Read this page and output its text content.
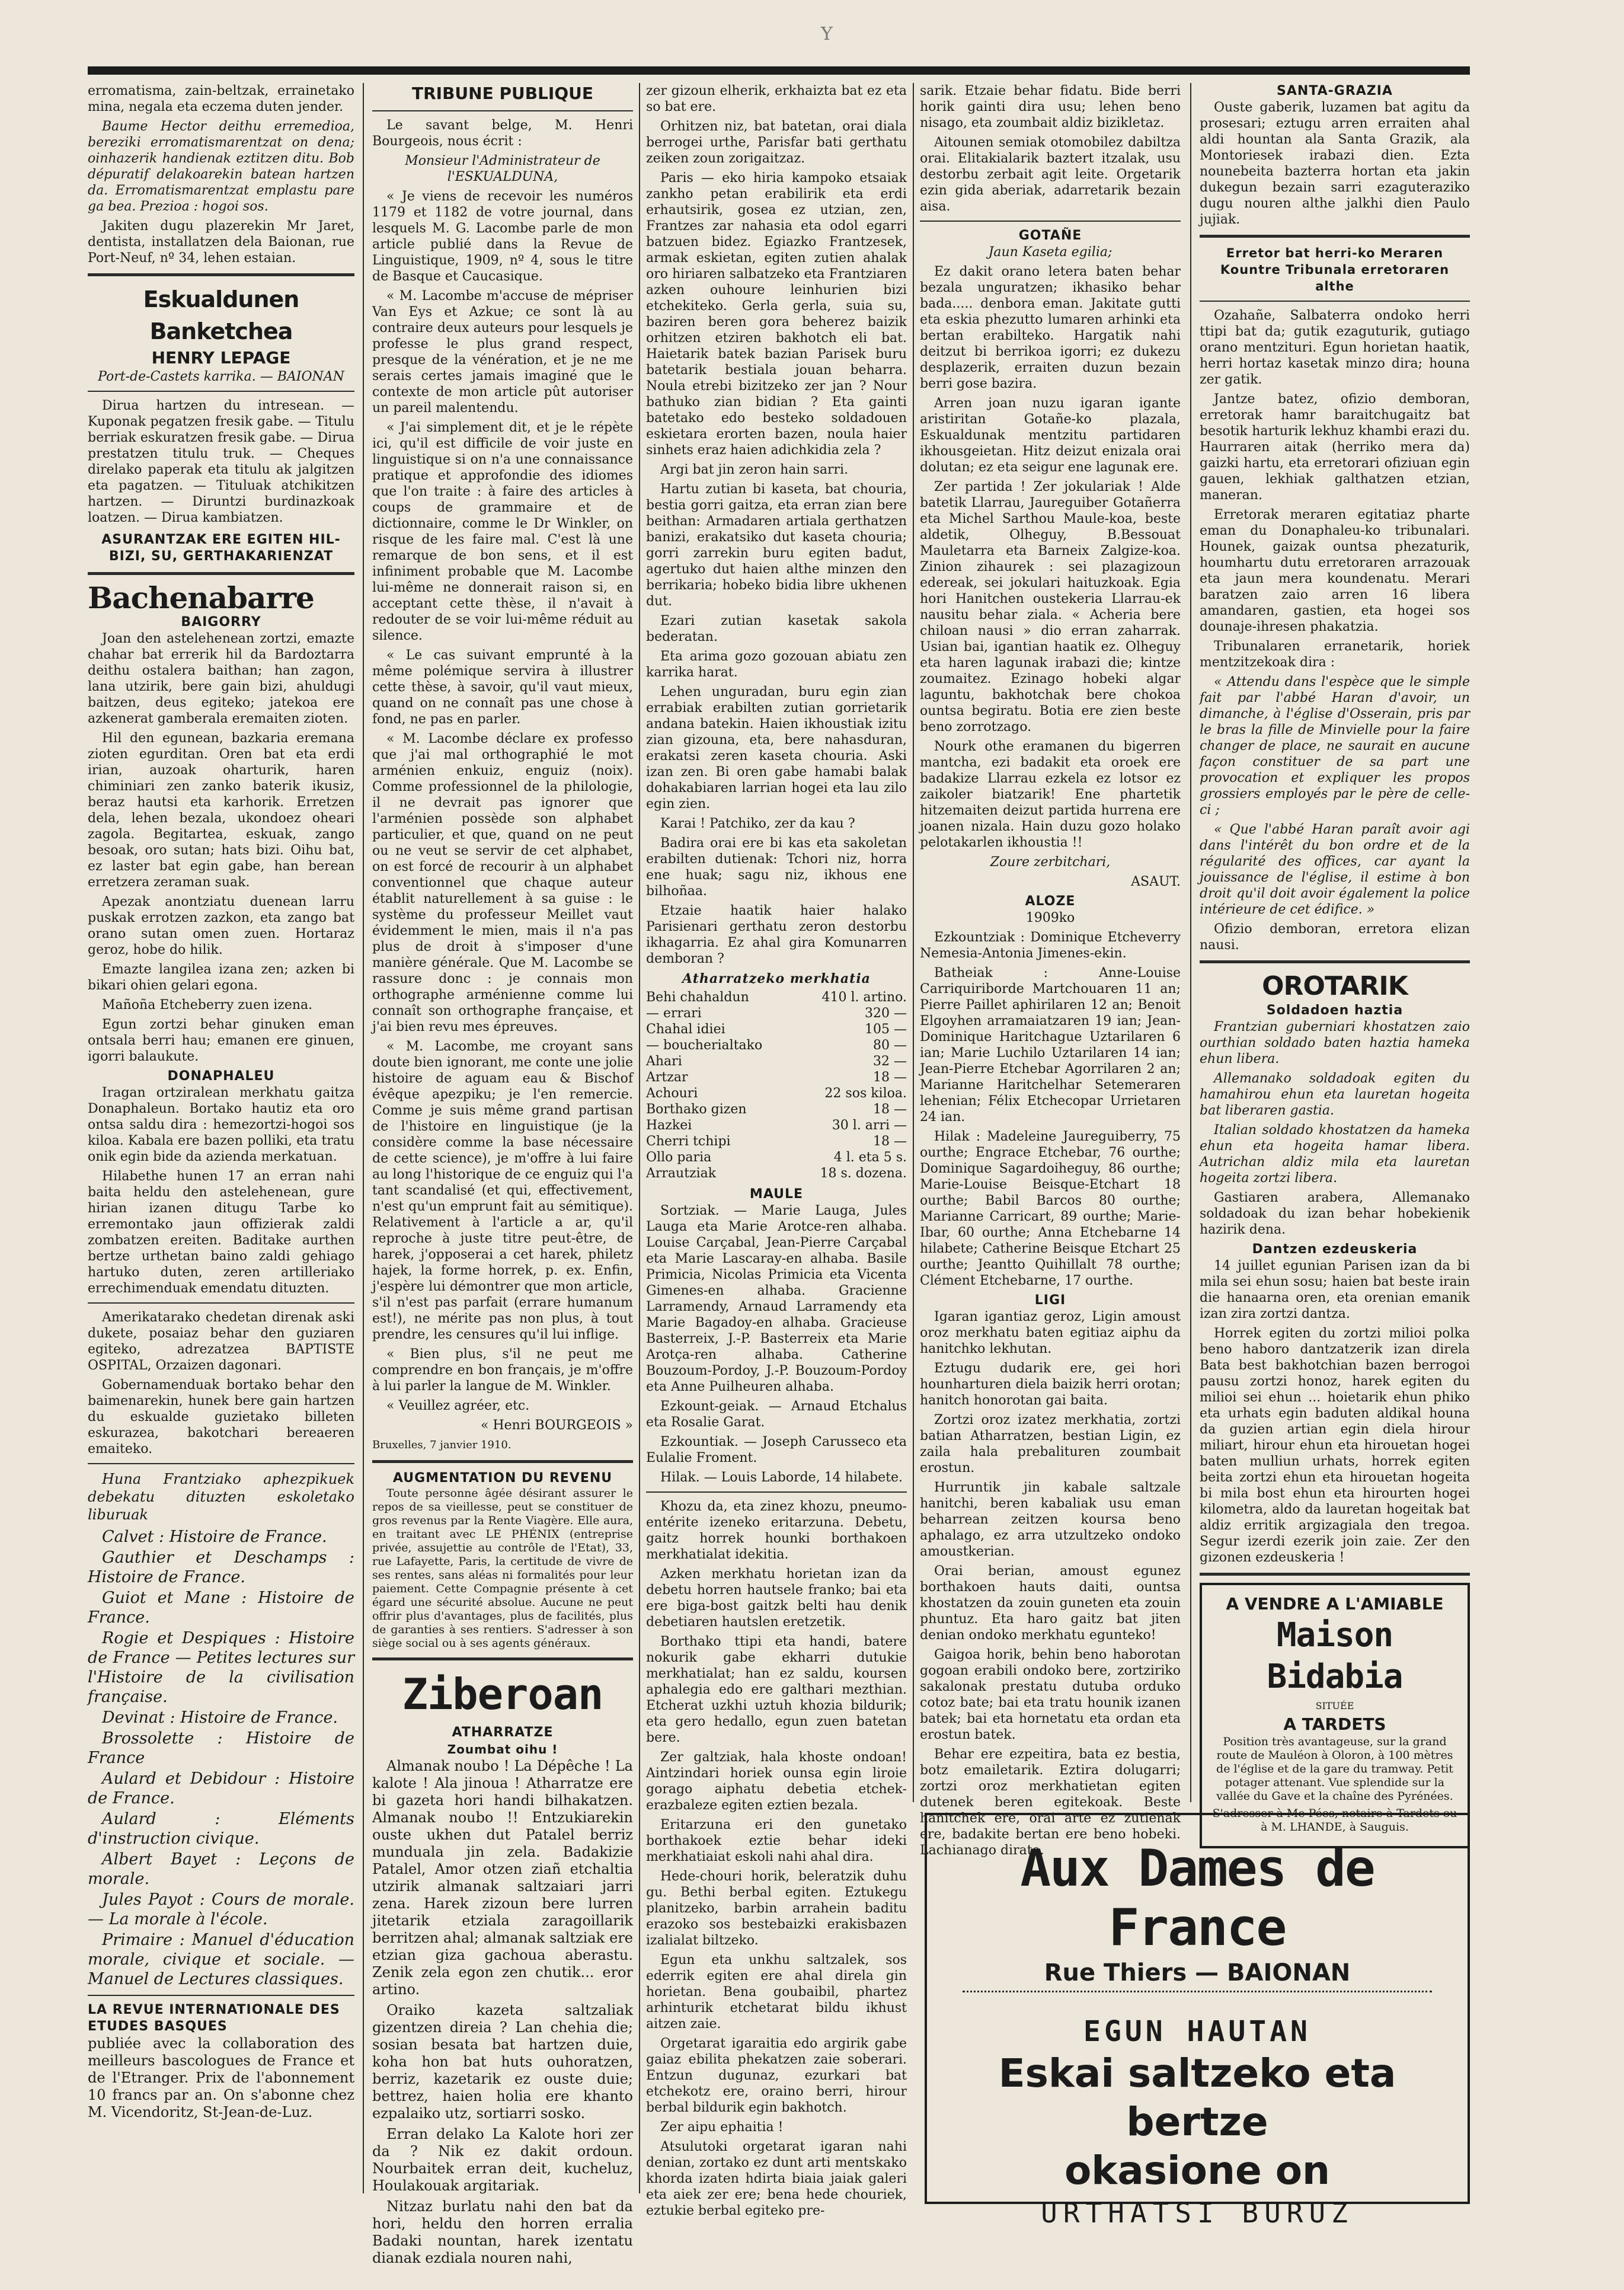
Y

erromatisma, zain-beltzak, errainetako mina, negala eta eczema duten jender.

Baume Hector deithu erremedioa, bereziki erromatismarentzat on dena; oinhazerik handienak eztitzen ditu. Bob dépuratif delakoarekin batean hartzen da. Erromatismarentzat emplastu pare ga bea. Prezioa : hogoi sos.

Jakiten dugu plazerekin Mr Jaret, dentista, installatzen dela Baionan, rue Port-Neuf, nº 34, lehen estaian.

Eskualdunen Banketchea
HENRY LEPAGE

Port-de-Castets karrika. — BAIONAN

Dirua hartzen du intresean. — Kuponak pegatzen fresik gabe. — Titulu berriak eskuratzen fresik gabe. — Dirua prestatzen titulu truk. — Cheques direlako paperak eta titulu ak jalgitzen eta pagatzen. — Tituluak atchikitzen hartzen. — Diruntzi burdinazkoak loatzen. — Dirua kambiatzen.

ASURANTZAK ERE EGITEN HIL-BIZI, SU, GERTHAKARIENZAT
Bachenabarre
BAIGORRY

Joan den astelehenean zortzi, emazte chahar bat errerik hil da Bardoztarra deithu ostalera baithan; han zagon, lana utzirik, bere gain bizi, ahuldugi baitzen, deus egiteko; jatekoa ere azkenerat gamberala eremaiten zioten.

Hil den egunean, bazkaria eremana zioten egurditan. Oren bat eta erdi irian, auzoak oharturik, haren chiminiari zen zanko baterik ikusiz, beraz hautsi eta karhorik. Erretzen dela, lehen bezala, ukondoez oheari zagola. Begitartea, eskuak, zango besoak, oro sutan; hats bizi. Oihu bat, ez laster bat egin gabe, han berean erretzera zeraman suak.

Apezak anontziatu duenean larru puskak errotzen zazkon, eta zango bat orano sutan omen zuen. Hortaraz geroz, hobe do hilik.

Emazte langilea izana zen; azken bi bikari ohien gelari egona.

Mañoña Etcheberry zuen izena.

Egun zortzi behar ginuken eman ontsala berri hau; emanen ere ginuen, igorri balaukute.

DONAPHALEU

Iragan ortziralean merkhatu gaitza Donaphaleun. Bortako hautiz eta oro ontsa saldu dira : hemezortzi-hogoi sos kiloa. Kabala ere bazen polliki, eta tratu onik egin bide da azienda merkatuan.

Hilabethe hunen 17 an erran nahi baita heldu den astelehenean, gure hirian izanen ditugu Tarbe ko erremontako jaun offizierak zaldi zombatzen ereiten. Baditake aurthen bertze urthetan baino zaldi gehiago hartuko duten, zeren artilleriako errechimenduak emendatu dituzten.

Amerikatarako chedetan direnak aski dukete, posaiaz behar den guziaren egiteko, adrezatzea BAPTISTE OSPITAL, Orzaizen dagonari.

Gobernamenduak bortako behar den baimenarekin, hunek bere gain hartzen du eskualde guzietako billeten eskurazea, bakotchari bereaeren emaiteko.

Huna Frantziako aphezpikuek debekatu dituzten eskoletako liburuak

Calvet : Histoire de France.
Gauthier et Deschamps : Histoire de France.
Guiot et Mane : Histoire de France.
Rogie et Despiques : Histoire de France — Petites lectures sur l'Histoire de la civilisation française.
Devinat : Histoire de France.
Brossolette : Histoire de France
Aulard et Debidour : Histoire de France.
Aulard : Eléments d'instruction civique.
Albert Bayet : Leçons de morale.
Jules Payot : Cours de morale. — La morale à l'école.
Primaire : Manuel d'éducation morale, civique et sociale. — Manuel de Lectures classiques.
LA REVUE INTERNATIONALE DES ETUDES BASQUES

publiée avec la collaboration des meilleurs bascologues de France et de l'Etranger. Prix de l'abonnement 10 francs par an. On s'abonne chez M. Vicendoritz, St-Jean-de-Luz.

TRIBUNE PUBLIQUE

Le savant belge, M. Henri Bourgeois, nous écrit :

Monsieur l'Administrateur de l'ESKUALDUNA,

« Je viens de recevoir les numéros 1179 et 1182 de votre journal, dans lesquels M. G. Lacombe parle de mon article publié dans la Revue de Linguistique, 1909, nº 4, sous le titre de Basque et Caucasique.

« M. Lacombe m'accuse de mépriser Van Eys et Azkue; ce sont là au contraire deux auteurs pour lesquels je professe le plus grand respect, presque de la vénération, et je ne me serais certes jamais imaginé que le contexte de mon article pût autoriser un pareil malentendu.

« J'ai simplement dit, et je le répète ici, qu'il est difficile de voir juste en linguistique si on n'a une connaissance pratique et approfondie des idiomes que l'on traite : à faire des articles à coups de grammaire et de dictionnaire, comme le Dr Winkler, on risque de les faire mal. C'est là une remarque de bon sens, et il est infiniment probable que M. Lacombe lui-même ne donnerait raison si, en acceptant cette thèse, il n'avait à redouter de se voir lui-même réduit au silence.

« Le cas suivant emprunté à la même polémique servira à illustrer cette thèse, à savoir, qu'il vaut mieux, quand on ne connaît pas une chose à fond, ne pas en parler.

« M. Lacombe déclare ex professo que j'ai mal orthographié le mot arménien enkuiz, enguiz (noix). Comme professionnel de la philologie, il ne devrait pas ignorer que l'arménien possède son alphabet particulier, et que, quand on ne peut ou ne veut se servir de cet alphabet, on est forcé de recourir à un alphabet conventionnel que chaque auteur établit naturellement à sa guise : le système du professeur Meillet vaut évidemment le mien, mais il n'a pas plus de droit à s'imposer d'une manière générale. Que M. Lacombe se rassure donc : je connais mon orthographe arménienne comme lui connaît son orthographe française, et j'ai bien revu mes épreuves.

« M. Lacombe, me croyant sans doute bien ignorant, me conte une jolie histoire de aguam eau & Bischof évêque apezpiku; je l'en remercie. Comme je suis même grand partisan de l'histoire en linguistique (je la considère comme la base nécessaire de cette science), je m'offre à lui faire au long l'historique de ce enguiz qui l'a tant scandalisé (et qui, effectivement, n'est qu'un emprunt fait au sémitique). Relativement à l'article a ar, qu'il reproche à juste titre peut-être, de harek, j'opposerai a cet harek, philetz hajek, la forme horrek, p. ex. Enfin, j'espère lui démontrer que mon article, s'il n'est pas parfait (errare humanum est!), ne mérite pas non plus, à tout prendre, les censures qu'il lui inflige.

« Bien plus, s'il ne peut me comprendre en bon français, je m'offre à lui parler la langue de M. Winkler.

« Veuillez agréer, etc.

« Henri BOURGEOIS »

Bruxelles, 7 janvier 1910.

AUGMENTATION DU REVENU

Toute personne âgée désirant assurer le repos de sa vieillesse, peut se constituer de gros revenus par la Rente Viagère. Elle aura, en traitant avec LE PHÉNIX (entreprise privée, assujettie au contrôle de l'Etat), 33, rue Lafayette, Paris, la certitude de vivre de ses rentes, sans aléas ni formalités pour leur paiement. Cette Compagnie présente à cet égard une sécurité absolue. Aucune ne peut offrir plus d'avantages, plus de facilités, plus de garanties à ses rentiers. S'adresser à son siège social ou à ses agents généraux.

Ziberoan
ATHARRATZE
Zoumbat oihu !

Almanak noubo ! La Dépêche ! La kalote ! Ala jinoua ! Atharratze ere bi gazeta hori handi bilhakatzen. Almanak noubo !! Entzukiarekin ouste ukhen dut Patalel berriz munduala jin zela. Badakizie Patalel, Amor otzen ziañ etchaltia utzirik almanak saltzaiari jarri zena. Harek zizoun bere lurren jitetarik etziala zaragoillarik berritzen ahal; almanak saltziak ere etzian giza gachoua aberastu. Zenik zela egon zen chutik... eror artino.

Oraiko kazeta saltzaliak gizentzen direia ? Lan chehia die; sosian besata bat hartzen duie, koha hon bat huts ouhoratzen, berriz, kazetarik ez ouste duie; bettrez, haien holia ere khanto ezpalaiko utz, sortiarri sosko.

Erran delako La Kalote hori zer da ? Nik ez dakit ordoun. Nourbaitek erran deit, kucheluz, Houlakouak argitariak.

Nitzaz burlatu nahi den bat da hori, heldu den horren erralia Badaki nountan, harek izentatu dianak ezdiala nouren nahi,

zer gizoun elherik, erkhaizta bat ez eta so bat ere.

Orhitzen niz, bat batetan, orai diala berrogei urthe, Parisfar bati gerthatu zeiken zoun zorigaitzaz.

Paris — eko hiria kampoko etsaiak zankho petan erabilirik eta erdi erhautsirik, gosea ez utzian, zen, Frantzes zar nahasia eta odol egarri batzuen bidez. Egiazko Frantzesek, armak eskietan, egiten zutien ahalak oro hiriaren salbatzeko eta Frantziaren azken ouhoure leinhurien bizi etchekiteko. Gerla gerla, suia su, baziren beren gora beherez baizik orhitzen etziren bakhotch eli bat. Haietarik batek bazian Parisek buru batetarik bestiala jouan beharra. Noula etrebi bizitzeko zer jan ? Nour bathuko zian bidian ? Eta gainti batetako edo besteko soldadouen eskietara erorten bazen, noula haier sinhets eraz haien adichkidia zela ?

Argi bat jin zeron hain sarri.

Hartu zutian bi kaseta, bat chouria, bestia gorri gaitza, eta erran zian bere beithan: Armadaren artiala gerthatzen banizi, erakatsiko dut kaseta chouria; gorri zarrekin buru egiten badut, agertuko dut haien althe minzen den berrikaria; hobeko bidia libre ukhenen dut.

Ezari zutian kasetak sakola bederatan.

Eta arima gozo gozouan abiatu zen karrika harat.

Lehen unguradan, buru egin zian errabiak erabilten zutian gorrietarik andana batekin. Haien ikhoustiak izitu zian gizouna, eta, bere nahasduran, erakatsi zeren kaseta chouria. Aski izan zen. Bi oren gabe hamabi balak dohakabiaren larrian hogei eta lau zilo egin zien.

Karai ! Patchiko, zer da kau ?

Badira orai ere bi kas eta sakoletan erabilten dutienak: Tchori niz, horra ene huak; sagu niz, ikhous ene bilhoñaa.

Etzaie haatik haier halako Parisienari gerthatu zeron destorbu ikhagarria. Ez ahal gira Komunarren demboran ?

Atharratzeko merkhatia
Behi chahaldun	410 l. artino.
— errari	320 —
Chahal idiei	105 —
— boucherialtako	80 —
Ahari	32 —
Artzar	18 —
Achouri	22 sos kiloa.
Borthako gizen	18 —
Hazkei	30 l. arri —
Cherri tchipi	18 —
Ollo paria	4 l. eta 5 s.
Arrautziak	18 s. dozena.
MAULE

Sortziak. — Marie Lauga, Jules Lauga eta Marie Arotce-ren alhaba. Louise Carçabal, Jean-Pierre Carçabal eta Marie Lascaray-en alhaba. Basile Primicia, Nicolas Primicia eta Vicenta Gimenes-en alhaba. Gracienne Larramendy, Arnaud Larramendy eta Marie Bagadoy-en alhaba. Gracieuse Basterreix, J.-P. Basterreix eta Marie Arotça-ren alhaba. Catherine Bouzoum-Pordoy, J.-P. Bouzoum-Pordoy eta Anne Puilheuren alhaba.

Ezkount-geiak. — Arnaud Etchalus eta Rosalie Garat.

Ezkountiak. — Joseph Carusseco eta Eulalie Froment.

Hilak. — Louis Laborde, 14 hilabete.

Khozu da, eta zinez khozu, pneumo-entérite izeneko eritarzuna. Debetu, gaitz horrek hounki borthakoen merkhatialat idekitia.

Azken merkhatu horietan izan da debetu horren hautsele franko; bai eta ere biga-bost gaitzk belti hau denik debetiaren hautslen eretzetik.

Borthako ttipi eta handi, batere nokurik gabe ekharri dutukie merkhatialat; han ez saldu, koursen aphalegia edo ere galthari mezthian. Etcherat uzkhi uztuh khozia bildurik; eta gero hedallo, egun zuen batetan bere.

Zer galtziak, hala khoste ondoan! Aintzindari horiek ounsa egin liroie gorago aiphatu debetia etchek-erazbaleze egiten eztien bezala.

Eritarzuna eri den gunetako borthakoek eztie behar ideki merkhatiaiat eskoli nahi ahal dira.

Hede-chouri horik, beleratzik duhu gu. Bethi berbal egiten. Eztukegu planitzeko, barbin arrahein baditu erazoko sos bestebaizki erakisbazen izalialat biltzeko.

Egun eta unkhu saltzalek, sos ederrik egiten ere ahal direla gin horietan. Bena goubaibil, phartez arhinturik etchetarat bildu ikhust aitzen zaie.

Orgetarat igaraitia edo argirik gabe gaiaz ebilita phekatzen zaie soberari. Entzun dugunaz, ezurkari bat etchekotz ere, oraino berri, hirour berbal bildurik egin bakhotch.

Zer aipu ephaitia !

Atsulutoki orgetarat igaran nahi denian, zortako ez dunt arti mentskako khorda izaten hdirta biaia jaiak galeri eta aiek zer ere; bena hede chouriek, eztukie berbal egiteko pre-

sarik. Etzaie behar fidatu. Bide berri horik gainti dira usu; lehen beno nisago, eta zoumbait aldiz bizikletaz.

Aitounen semiak otomobilez dabiltza orai. Elitakialarik baztert itzalak, usu destorbu zerbait agit leite. Orgetarik ezin gida aberiak, adarretarik bezain aisa.

GOTAÑE

Jaun Kaseta egilia;

Ez dakit orano letera baten behar bezala unguratzen; ikhasiko behar bada..... denbora eman. Jakitate gutti eta eskia phezutto lumaren arhinki eta bertan erabilteko. Hargatik nahi deitzut bi berrikoa igorri; ez dukezu desplazerik, erraiten duzun bezain berri gose bazira.

Arren joan nuzu igaran igante aristiritan Gotañe-ko plazala, Eskualdunak mentzitu partidaren ikhousgeietan. Hitz deizut enizala orai dolutan; ez eta seigur ene lagunak ere.

Zer partida ! Zer jokulariak ! Alde batetik Llarrau, Jaureguiber Gotañerra eta Michel Sarthou Maule-koa, beste aldetik, Olheguy, B.Bessouat Mauletarra eta Barneix Zalgize-koa. Zinion zihaurek : sei plazagizoun edereak, sei jokulari haituzkoak. Egia hori Hanitchen oustekeria Llarrau-ek nausitu behar ziala. « Acheria bere chiloan nausi » dio erran zaharrak. Usian bai, igantian haatik ez. Olheguy eta haren lagunak irabazi die; kintze zoumaitez. Ezinago hobeki algar laguntu, bakhotchak bere chokoa ountsa begiratu. Botia ere zien beste beno zorrotzago.

Nourk othe eramanen du bigerren mantcha, ezi badakit eta oroek ere badakize Llarrau ezkela ez lotsor ez zaikoler biatzarik! Ene phartetik hitzemaiten deizut partida hurrena ere joanen nizala. Hain duzu gozo holako pelotakarlen ikhoustia !!

Zoure zerbitchari,

ASAUT.

ALOZE

1909ko

Ezkountziak : Dominique Etcheverry Nemesia-Antonia Jimenes-ekin.

Batheiak : Anne-Louise Carriquiriborde Martchouaren 11 an; Pierre Paillet aphirilaren 12 an; Benoit Elgoyhen arramaiatzaren 19 ian; Jean-Dominique Haritchague Uztarilaren 6 ian; Marie Luchilo Uztarilaren 14 ian; Jean-Pierre Etchebar Agorrilaren 2 an; Marianne Haritchelhar Setemeraren lehenian; Félix Etchecopar Urrietaren 24 ian.

Hilak : Madeleine Jaureguiberry, 75 ourthe; Engrace Etchebar, 76 ourthe; Dominique Sagardoiheguy, 86 ourthe; Marie-Louise Beisque-Etchart 18 ourthe; Babil Barcos 80 ourthe; Marianne Carricart, 89 ourthe; Marie-Ibar, 60 ourthe; Anna Etchebarne 14 hilabete; Catherine Beisque Etchart 25 ourthe; Jeantto Quihillalt 78 ourthe; Clément Etchebarne, 17 ourthe.

LIGI

Igaran igantiaz geroz, Ligin amoust oroz merkhatu baten egitiaz aiphu da hanitchko lekhutan.

Eztugu dudarik ere, gei hori hounharturen diela baizik herri orotan; hanitch honorotan gai baita.

Zortzi oroz izatez merkhatia, zortzi batian Atharratzen, bestian Ligin, ez zaila hala prebalituren zoumbait erostun.

Hurruntik jin kabale saltzale hanitchi, beren kabaliak usu eman beharrean zeitzen koursa beno aphalago, ez arra utzultzeko ondoko amoustkerian.

Orai berian, amoust egunez borthakoen hauts daiti, ountsa khostatzen da zouin guneten eta zouin phuntuz. Eta haro gaitz bat jiten denian ondoko merkhatu egunteko!

Gaigoa horik, behin beno haborotan gogoan erabili ondoko bere, zortziriko sakalonak prestatu dutuba orduko cotoz bate; bai eta tratu hounik izanen batek; bai eta hornetatu eta ordan eta erostun batek.

Behar ere ezpeitira, bata ez bestia, botz emailetarik. Eztira dolugarri; zortzi oroz merkhatietan egiten dutenek beren egitekoak. Beste hanitchek ere, orai arte ez zutienak ere, badakite bertan ere beno hobeki. Lachianago dirate.

SANTA-GRAZIA

Ouste gaberik, luzamen bat agitu da prosesari; eztugu arren erraiten ahal aldi hountan ala Santa Grazik, ala Montoriesek irabazi dien. Ezta nounebeita bazterra hortan eta jakin dukegun bezain sarri ezaguteraziko dugu nouren althe jalkhi dien Paulo jujiak.

Erretor bat herri-ko Meraren Kountre Tribunala erretoraren althe

Ozahañe, Salbaterra ondoko herri ttipi bat da; gutik ezaguturik, gutiago orano mentzituri. Egun horietan haatik, herri hortaz kasetak minzo dira; houna zer gatik.

Jantze batez, ofizio demboran, erretorak hamr baraitchugaitz bat besotik harturik lekhuz khambi erazi du. Haurraren aitak (herriko mera da) gaizki hartu, eta erretorari ofiziuan egin gauen, lekhiak galthatzen etzian, maneran.

Erretorak meraren egitatiaz pharte eman du Donaphaleu-ko tribunalari. Hounek, gaizak ountsa phezaturik, houmhartu dutu erretoraren arrazouak eta jaun mera koundenatu. Merari baratzen zaio arren 16 libera amandaren, gastien, eta hogei sos dounaje-ihresen phakatzia.

Tribunalaren erranetarik, horiek mentzitzekoak dira :

« Attendu dans l'espèce que le simple fait par l'abbé Haran d'avoir, un dimanche, à l'église d'Osserain, pris par le bras la fille de Minvielle pour la faire changer de place, ne saurait en aucune façon constituer de sa part une provocation et expliquer les propos grossiers employés par le père de celle-ci ;

« Que l'abbé Haran paraît avoir agi dans l'intérêt du bon ordre et de la régularité des offices, car ayant la jouissance de l'église, il estime à bon droit qu'il doit avoir également la police intérieure de cet édifice. »

Ofizio demboran, erretora elizan nausi.

OROTARIK
Soldadoen haztia

Frantzian guberniari khostatzen zaio ourthian soldado baten haztia hameka ehun libera.

Allemanako soldadoak egiten du hamahirou ehun eta lauretan hogeita bat liberaren gastia.

Italian soldado khostatzen da hameka ehun eta hogeita hamar libera. Autrichan aldiz mila eta lauretan hogeita zortzi libera.

Gastiaren arabera, Allemanako soldadoak du izan behar hobekienik hazirik dena.

Dantzen ezdeuskeria

14 juillet egunian Parisen izan da bi mila sei ehun sosu; haien bat beste irain die hanaarna oren, eta orenian emanik izan zira zortzi dantza.

Horrek egiten du zortzi milioi polka beno haboro dantzatzerik izan direla Bata best bakhotchian bazen berrogoi pausu zortzi honoz, harek egiten du milioi sei ehun ... hoietarik ehun phiko eta urhats egin baduten aldikal houna da guzien artian egin diela hirour miliart, hirour ehun eta hirouetan hogei baten mulliun urhats, horrek egiten beita zortzi ehun eta hirouetan hogeita bi mila bost ehun eta hirourten hogei kilometra, aldo da lauretan hogeitak bat aldiz erritik argizagiala den tregoa. Segur izerdi ezerik join zaie. Zer den gizonen ezdeuskeria !

A VENDRE A L'AMIABLE
Maison Bidabia
SITUÉE
A TARDETS

Position très avantageuse, sur la grand route de Mauléon à Oloron, à 100 mètres de l'église et de la gare du tramway. Petit potager attenant. Vue splendide sur la vallée du Gave et la chaîne des Pyrénées.

S'adresser à Me Pées, notaire à Tardets ou à M. LHANDE, à Sauguis.

Aux Dames de France
Rue Thiers — BAIONAN
EGUN HAUTAN
Eskai saltzeko eta bertze
okasione on
URTHATSI BURUZ
